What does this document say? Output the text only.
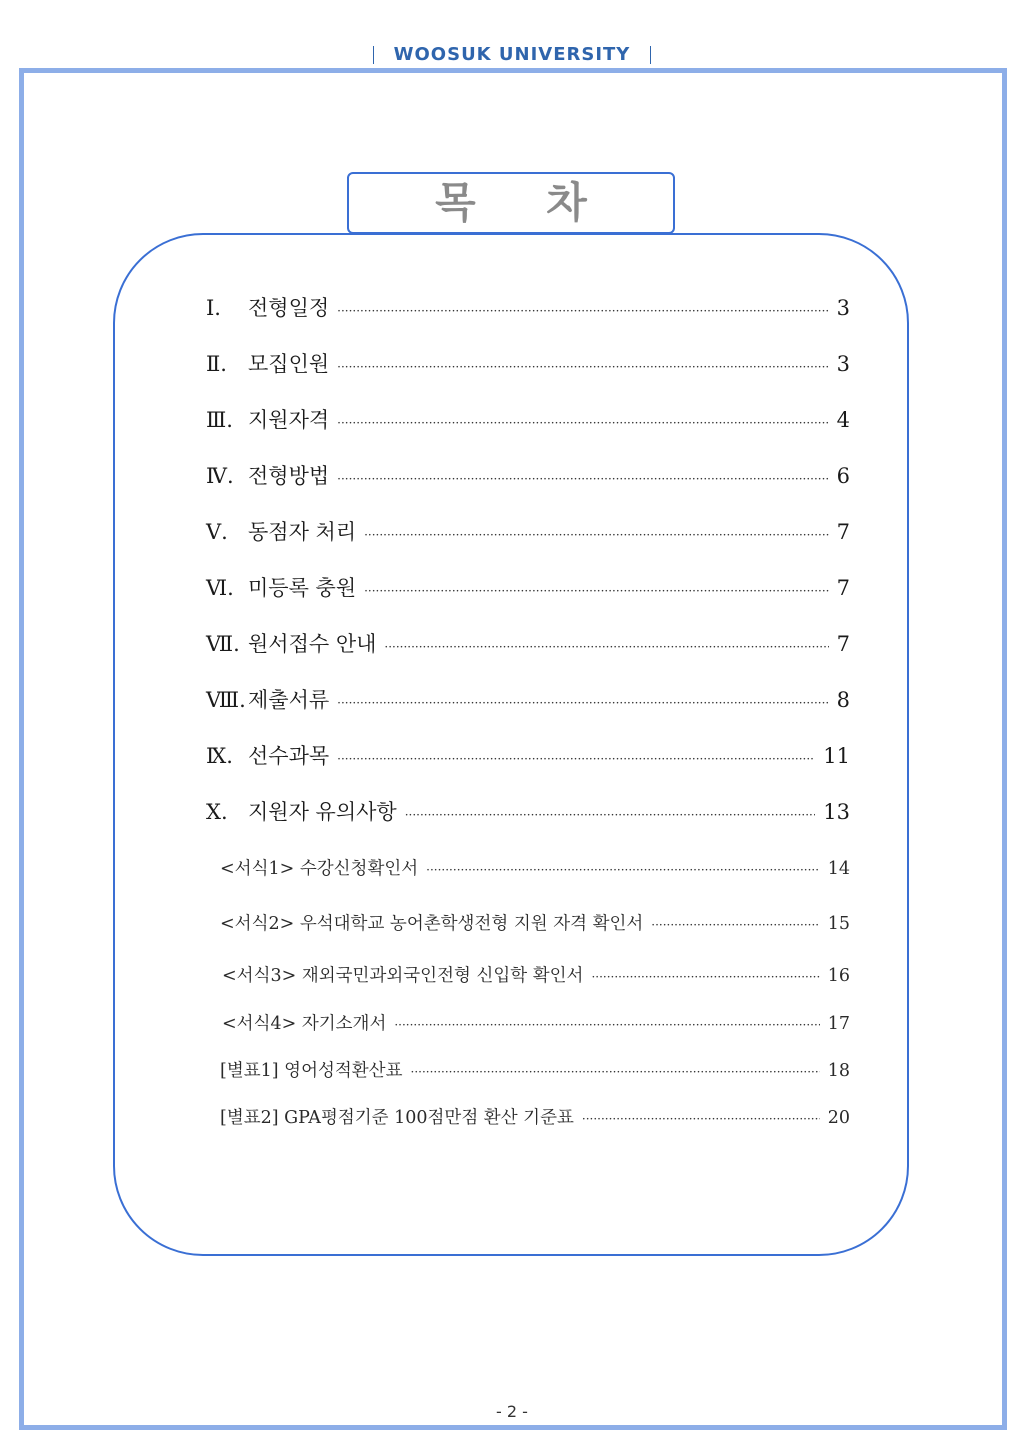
WOOSUK UNIVERSITY
목 차
Ⅰ.	전형일정 ·····	3
Ⅱ.	모집인원 ·····	3
Ⅲ. 지원자격 ·····	4
Ⅳ. 전형방법 ·····	6
Ⅴ. 동점자 처리 ·····	7
Ⅵ. 미등록 충원 ·····	7
Ⅶ. 원서접수 안내 ·····	7
Ⅷ. 제출서류 ·····	8
Ⅸ. 선수과목 ·····	11
Ⅹ. 지원자 유의사항 ·····	13
<서식1> 수강신청확인서 ·····	14
<서식2> 우석대학교 농어촌학생전형 지원 자격 확인서 ·····	15
<서식3> 재외국민과외국인전형 신입학 확인서 ·····	16
<서식4> 자기소개서 ·····	17
[별표1] 영어성적환산표 ·····	18
[별표2] GPA평점기준 100점만점 환산 기준표 ·····	20
- 2 -
